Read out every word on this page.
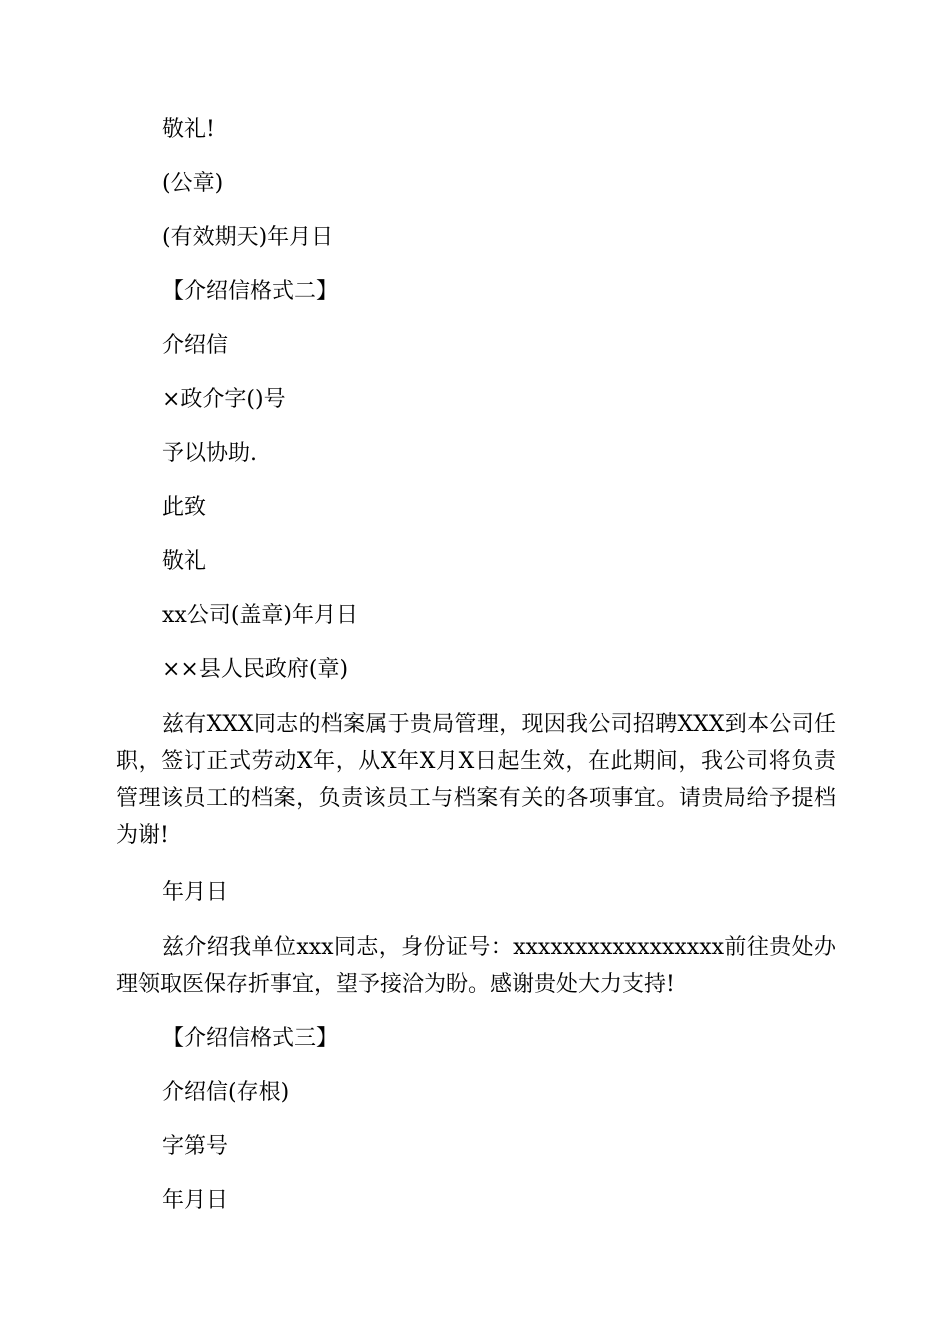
敬礼!

(公章)

(有效期天)年月日

【介绍信格式二】

介绍信

×政介字()号

予以协助.

此致

敬礼

xx公司(盖章)年月日

××县人民政府(章)

兹有XXX同志的档案属于贵局管理，现因我公司招聘XXX到本公司任职，签订正式劳动X年，从X年X月X日起生效，在此期间，我公司将负责管理该员工的档案，负责该员工与档案有关的各项事宜。请贵局给予提档为谢!

年月日

兹介绍我单位xxx同志，身份证号：xxxxxxxxxxxxxxxxx前往贵处办理领取医保存折事宜，望予接洽为盼。感谢贵处大力支持!

【介绍信格式三】

介绍信(存根)

字第号

年月日
